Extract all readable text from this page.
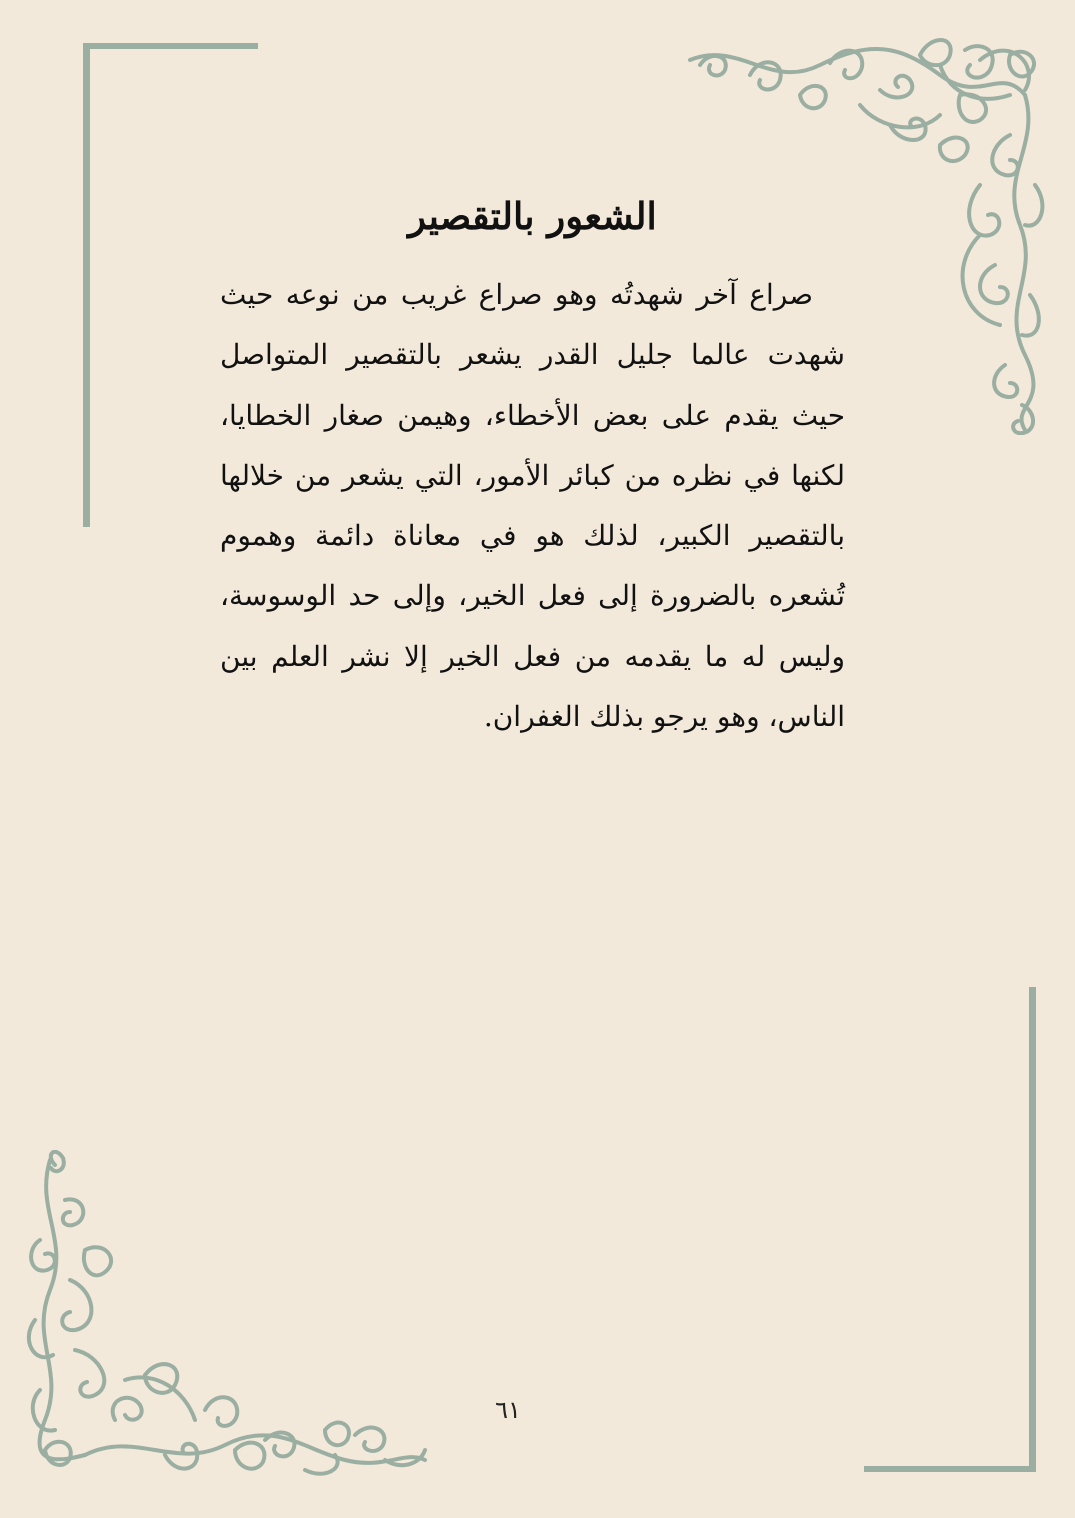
الشعور بالتقصير

صراع آخر شهدتُه وهو صراع غريب من نوعه حيث شهدت عالما جليل القدر يشعر بالتقصير المتواصل حيث يقدم على بعض الأخطاء، وهيمن صغار الخطايا، لكنها في نظره من كبائر الأمور، التي يشعر من خلالها بالتقصير الكبير، لذلك هو في معاناة دائمة وهموم تُشعره بالضرورة إلى فعل الخير، وإلى حد الوسوسة، وليس له ما يقدمه من فعل الخير إلا نشر العلم بين الناس، وهو يرجو بذلك الغفران.

٦١
